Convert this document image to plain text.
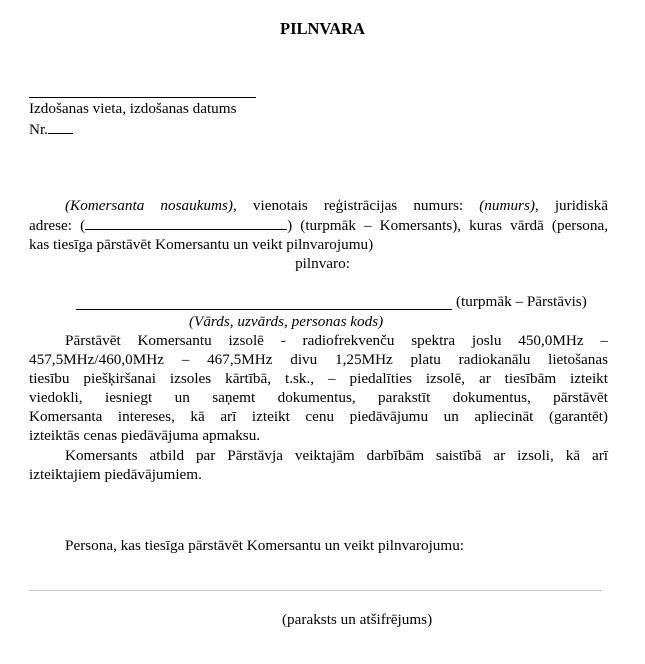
PILNVARA
Izdošanas vieta, izdošanas datums
Nr.
(Komersanta nosaukums), vienotais reģistrācijas numurs: (numurs), juridiskā
adrese: (	) (turpmāk – Komersants), kuras vārdā (persona,
kas tiesīga pārstāvēt Komersantu un veikt pilnvarojumu)
pilnvaro:
(turpmāk – Pārstāvis)
(Vārds, uzvārds, personas kods)
Pārstāvēt Komersantu izsolē - radiofrekvenču spektra joslu 450,0MHz –
457,5MHz/460,0MHz – 467,5MHz divu 1,25MHz platu radiokanālu lietošanas
tiesību piešķiršanai izsoles kārtībā, t.sk., – piedalīties izsolē, ar tiesībām izteikt
viedokli, iesniegt un saņemt dokumentus, parakstīt dokumentus, pārstāvēt
Komersanta intereses, kā arī izteikt cenu piedāvājumu un apliecināt (garantēt)
izteiktās cenas piedāvājuma apmaksu.
Komersants atbild par Pārstāvja veiktajām darbībām saistībā ar izsoli, kā arī
izteiktajiem piedāvājumiem.
Persona, kas tiesīga pārstāvēt Komersantu un veikt pilnvarojumu:
(paraksts un atšifrējums)
